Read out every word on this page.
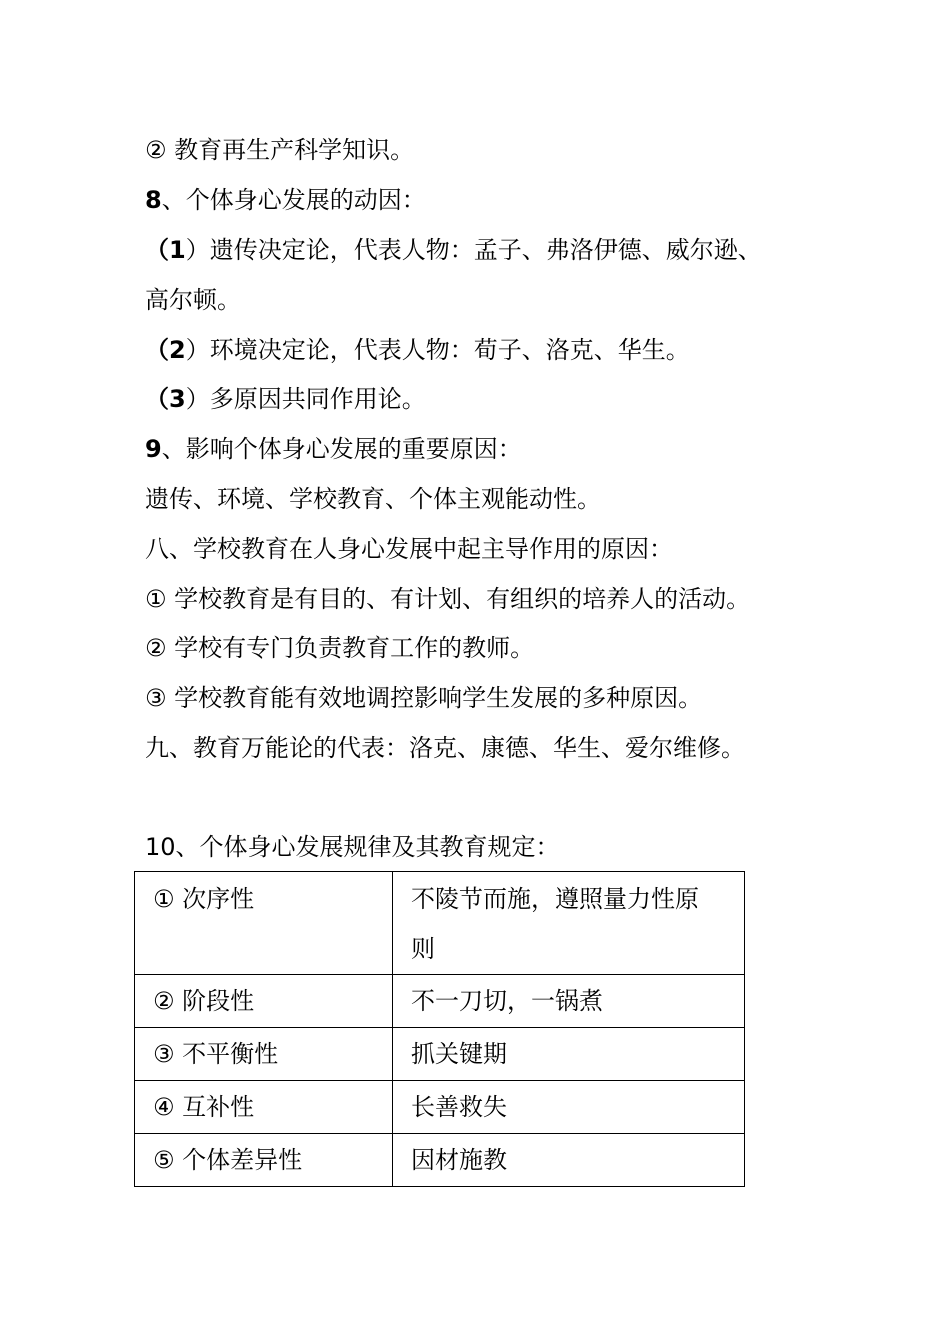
② 教育再生产科学知识。
8、个体身心发展的动因：
（1）遗传决定论，代表人物：孟子、弗洛伊德、威尔逊、
高尔顿。
（2）环境决定论，代表人物：荀子、洛克、华生。
（3）多原因共同作用论。
9、影响个体身心发展的重要原因：
遗传、环境、学校教育、个体主观能动性。
八、学校教育在人身心发展中起主导作用的原因：
① 学校教育是有目的、有计划、有组织的培养人的活动。
② 学校有专门负责教育工作的教师。
③ 学校教育能有效地调控影响学生发展的多种原因。
九、教育万能论的代表：洛克、康德、华生、爱尔维修。
10、个体身心发展规律及其教育规定：
① 次序性	不陵节而施，遵照量力性原
则
② 阶段性	不一刀切，一锅煮
③ 不平衡性	抓关键期
④ 互补性	长善救失
⑤ 个体差异性	因材施教
